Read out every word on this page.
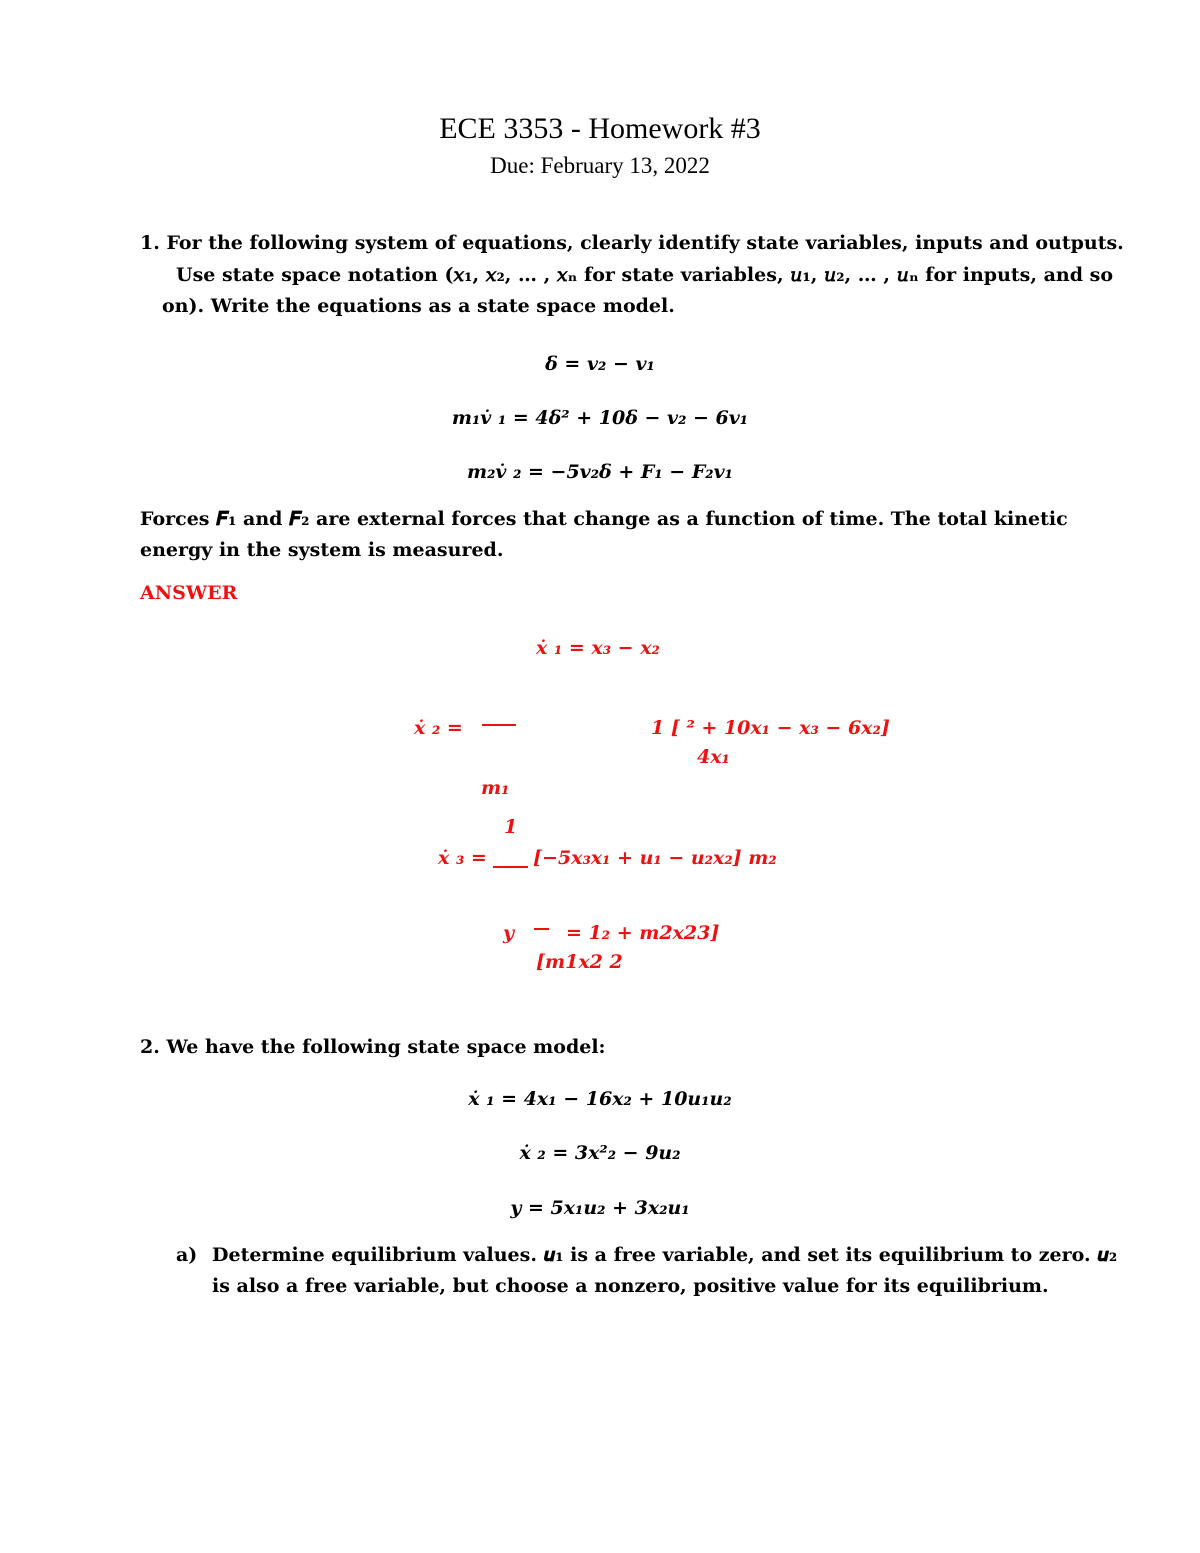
ECE 3353 - Homework #3
Due: February 13, 2022
1. For the following system of equations, clearly identify state variables, inputs and outputs.
Use state space notation (𝑥₁, 𝑥₂, … , 𝑥ₙ for state variables, 𝑢₁, 𝑢₂, … , 𝑢ₙ for inputs, and so
on). Write the equations as a state space model.
𝜹 = 𝒗₂ − 𝒗₁
𝒎₁𝒗̇ ₁ = 4𝜹² + 10𝜹 − 𝒗₂ − 6𝒗₁
𝒎₂𝒗̇ ₂ = −5𝒗₂𝜹 + 𝑭₁ − 𝑭₂𝒗₁
Forces 𝑭₁ and 𝑭₂ are external forces that change as a function of time. The total kinetic
energy in the system is measured.
ANSWER
𝒙̇ ₁ = 𝒙₃ − 𝒙₂
𝒙̇ ₂ =	1 [ ² + 10𝒙₁ − 𝒙₃ − 6𝒙₂]
4𝒙₁
𝒎₁
1
𝒙̇ ₃ = [−5𝒙₃𝒙₁ + 𝒖₁ − 𝒖₂𝒙₂] 𝒎₂
𝒚	= 1₂ + 𝒎2𝒙23]
[𝒎1𝒙2 2
2. We have the following state space model:
𝒙̇ ₁ = 4𝒙₁ − 16𝒙₂ + 10𝒖₁𝒖₂
𝒙̇ ₂ = 3𝒙²₂ − 9𝒖₂
𝒚 = 5𝒙₁𝒖₂ + 3𝒙₂𝒖₁
a) Determine equilibrium values. 𝒖₁ is a free variable, and set its equilibrium to zero. 𝒖₂
is also a free variable, but choose a nonzero, positive value for its equilibrium.
